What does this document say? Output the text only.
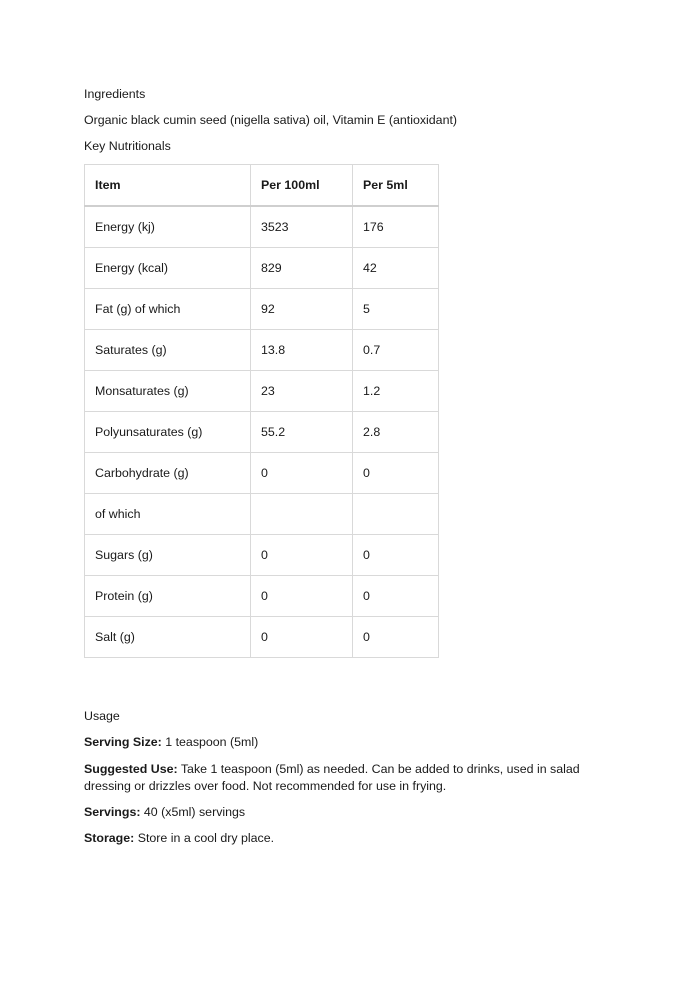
Ingredients
Organic black cumin seed (nigella sativa) oil, Vitamin E (antioxidant)
Key Nutritionals
Item	Per 100ml	Per 5ml
Energy (kj)	3523	176
Energy (kcal)	829	42
Fat (g) of which	92	5
Saturates (g)	13.8	0.7
Monsaturates (g)	23	1.2
Polyunsaturates (g)	55.2	2.8
Carbohydrate (g)	0	0
of which		
Sugars (g)	0	0
Protein (g)	0	0
Salt (g)	0	0
Usage
Serving Size: 1 teaspoon (5ml)
Suggested Use: Take 1 teaspoon (5ml) as needed. Can be added to drinks, used in salad dressing or drizzles over food. Not recommended for use in frying.
Servings: 40 (x5ml) servings
Storage: Store in a cool dry place.
